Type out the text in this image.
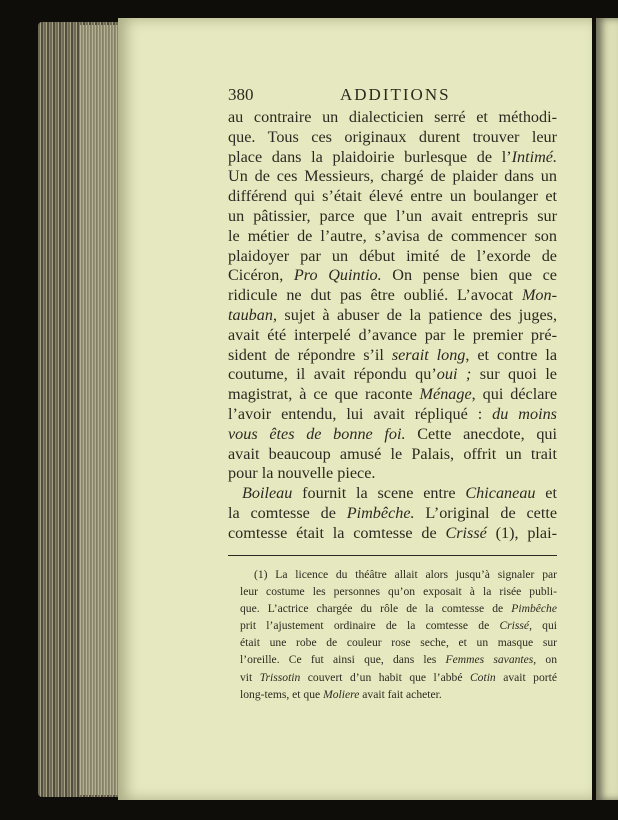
380	ADDITIONS
au contraire un dialecticien serré et méthodi-
que. Tous ces originaux durent trouver leur
place dans la plaidoirie burlesque de l’Intimé.
Un de ces Messieurs, chargé de plaider dans un
différend qui s’était élevé entre un boulanger et
un pâtissier, parce que l’un avait entrepris sur
le métier de l’autre, s’avisa de commencer son
plaidoyer par un début imité de l’exorde de
Cicéron, Pro Quintio. On pense bien que ce
ridicule ne dut pas être oublié. L’avocat Mon-
tauban, sujet à abuser de la patience des juges,
avait été interpelé d’avance par le premier pré-
sident de répondre s’il serait long, et contre la
coutume, il avait répondu qu’oui ; sur quoi le
magistrat, à ce que raconte Ménage, qui déclare
l’avoir entendu, lui avait répliqué : du moins
vous êtes de bonne foi. Cette anecdote, qui
avait beaucoup amusé le Palais, offrit un trait
pour la nouvelle piece.
Boileau fournit la scene entre Chicaneau et
la comtesse de Pimbêche. L’original de cette
comtesse était la comtesse de Crissé (1), plai-
(1) La licence du théâtre allait alors jusqu’à signaler par
leur costume les personnes qu’on exposait à la risée publi-
que. L’actrice chargée du rôle de la comtesse de Pimbêche
prit l’ajustement ordinaire de la comtesse de Crissé, qui
était une robe de couleur rose seche, et un masque sur
l’oreille. Ce fut ainsi que, dans les Femmes savantes, on
vit Trissotin couvert d’un habit que l’abbé Cotin avait porté
long-tems, et que Moliere avait fait acheter.
